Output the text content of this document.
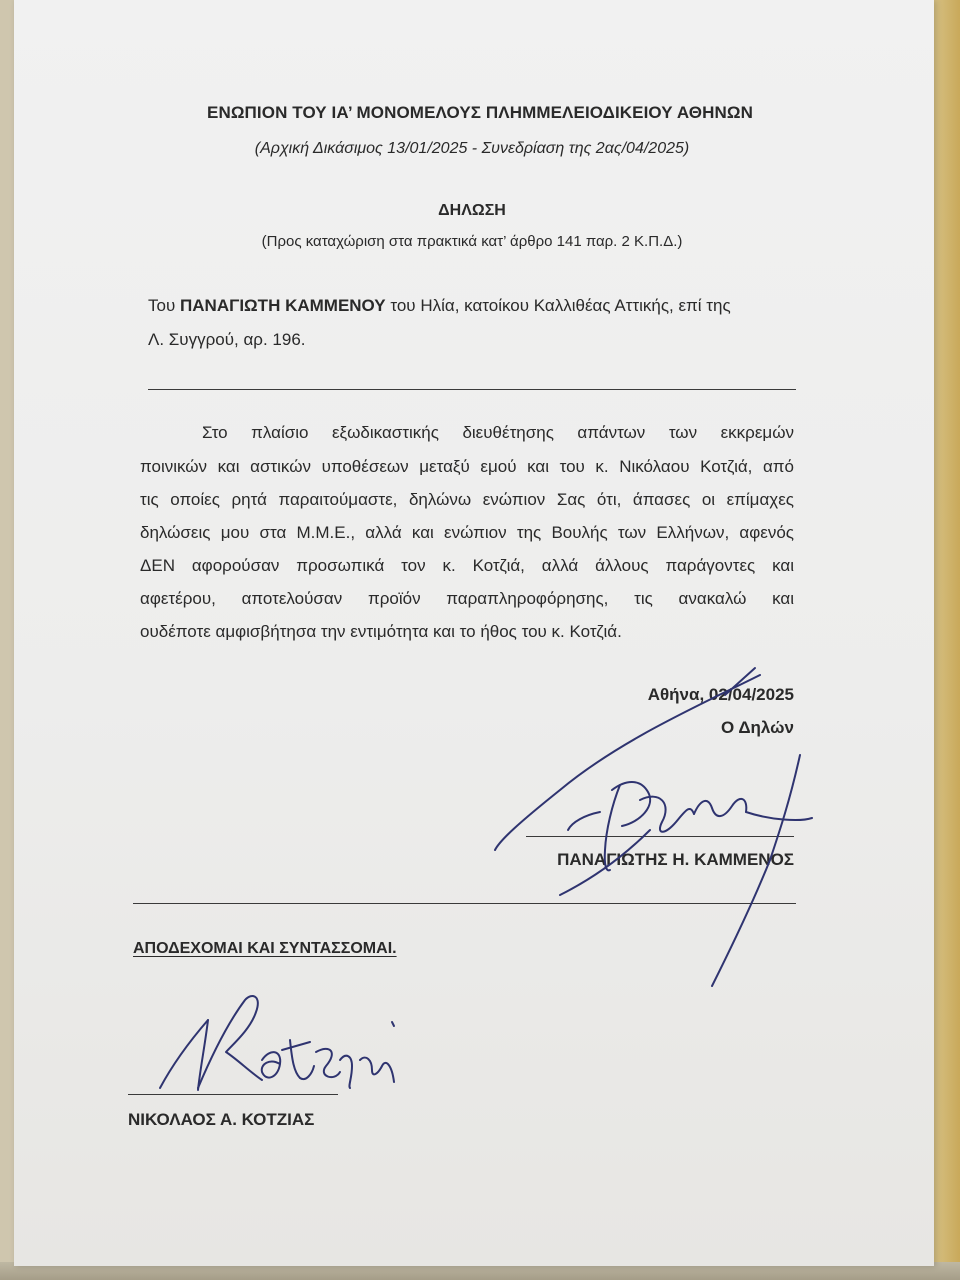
ΕΝΩΠΙΟΝ ΤΟΥ ΙΑ’ ΜΟΝΟΜΕΛΟΥΣ ΠΛΗΜΜΕΛΕΙΟΔΙΚΕΙΟΥ ΑΘΗΝΩΝ
(Αρχική Δικάσιμος 13/01/2025 - Συνεδρίαση της 2ας/04/2025)
ΔΗΛΩΣΗ
(Προς καταχώριση στα πρακτικά κατ’ άρθρο 141 παρ. 2 Κ.Π.Δ.)
Του ΠΑΝΑΓΙΩΤΗ ΚΑΜΜΕΝΟΥ του Ηλία, κατοίκου Καλλιθέας Αττικής, επί της
Λ. Συγγρού, αρ. 196.
Στο πλαίσιο εξωδικαστικής διευθέτησης απάντων των εκκρεμών
ποινικών και αστικών υποθέσεων μεταξύ εμού και του κ. Νικόλαου Κοτζιά, από
τις οποίες ρητά παραιτούμαστε, δηλώνω ενώπιον Σας ότι, άπασες οι επίμαχες
δηλώσεις μου στα Μ.Μ.Ε., αλλά και ενώπιον της Βουλής των Ελλήνων, αφενός
ΔΕΝ αφορούσαν προσωπικά τον κ. Κοτζιά, αλλά άλλους παράγοντες και
αφετέρου, αποτελούσαν προϊόν παραπληροφόρησης, τις ανακαλώ και
ουδέποτε αμφισβήτησα την εντιμότητα και το ήθος του κ. Κοτζιά.
Αθήνα, 02/04/2025
Ο Δηλών
ΠΑΝΑΓΙΩΤΗΣ Η. ΚΑΜΜΕΝΟΣ
ΑΠΟΔΕΧΟΜΑΙ ΚΑΙ ΣΥΝΤΑΣΣΟΜΑΙ.
ΝΙΚΟΛΑΟΣ Α. ΚΟΤΖΙΑΣ
